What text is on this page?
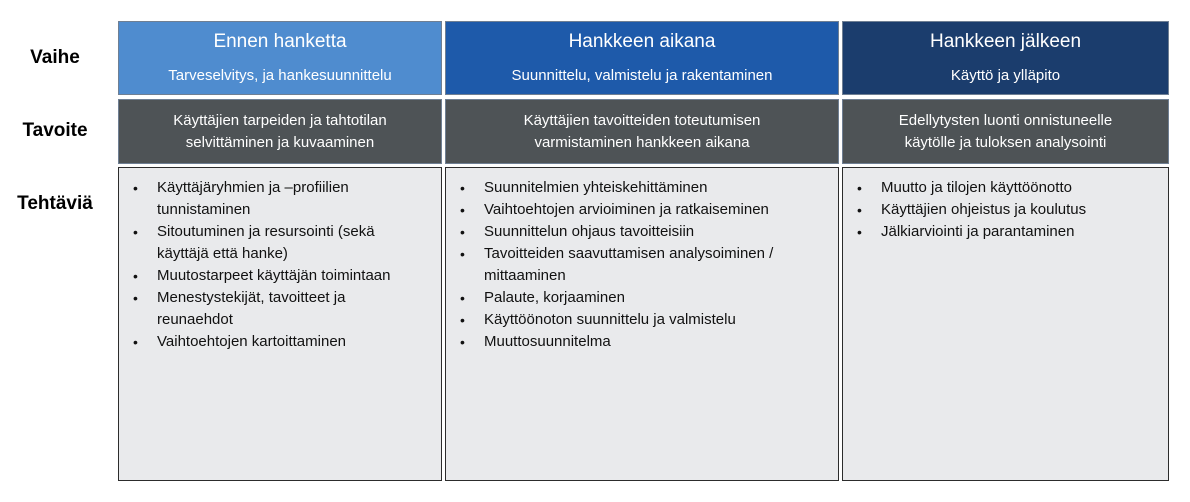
Vaihe
Tavoite
Tehtäviä
Ennen hanketta
Tarveselvitys, ja hankesuunnittelu
Käyttäjien tarpeiden ja tahtotilan
selvittäminen ja kuvaaminen
• Käyttäjäryhmien ja –profiilien
tunnistaminen
• Sitoutuminen ja resursointi (sekä
käyttäjä että hanke)
• Muutostarpeet käyttäjän toimintaan
• Menestystekijät, tavoitteet ja
reunaehdot
• Vaihtoehtojen kartoittaminen
Hankkeen aikana
Suunnittelu, valmistelu ja rakentaminen
Käyttäjien tavoitteiden toteutumisen
varmistaminen hankkeen aikana
• Suunnitelmien yhteiskehittäminen
• Vaihtoehtojen arvioiminen ja ratkaiseminen
• Suunnittelun ohjaus tavoitteisiin
• Tavoitteiden saavuttamisen analysoiminen /
mittaaminen
• Palaute, korjaaminen
• Käyttöönoton suunnittelu ja valmistelu
• Muuttosuunnitelma
Hankkeen jälkeen
Käyttö ja ylläpito
Edellytysten luonti onnistuneelle
käytölle ja tuloksen analysointi
• Muutto ja tilojen käyttöönotto
• Käyttäjien ohjeistus ja koulutus
• Jälkiarviointi ja parantaminen
